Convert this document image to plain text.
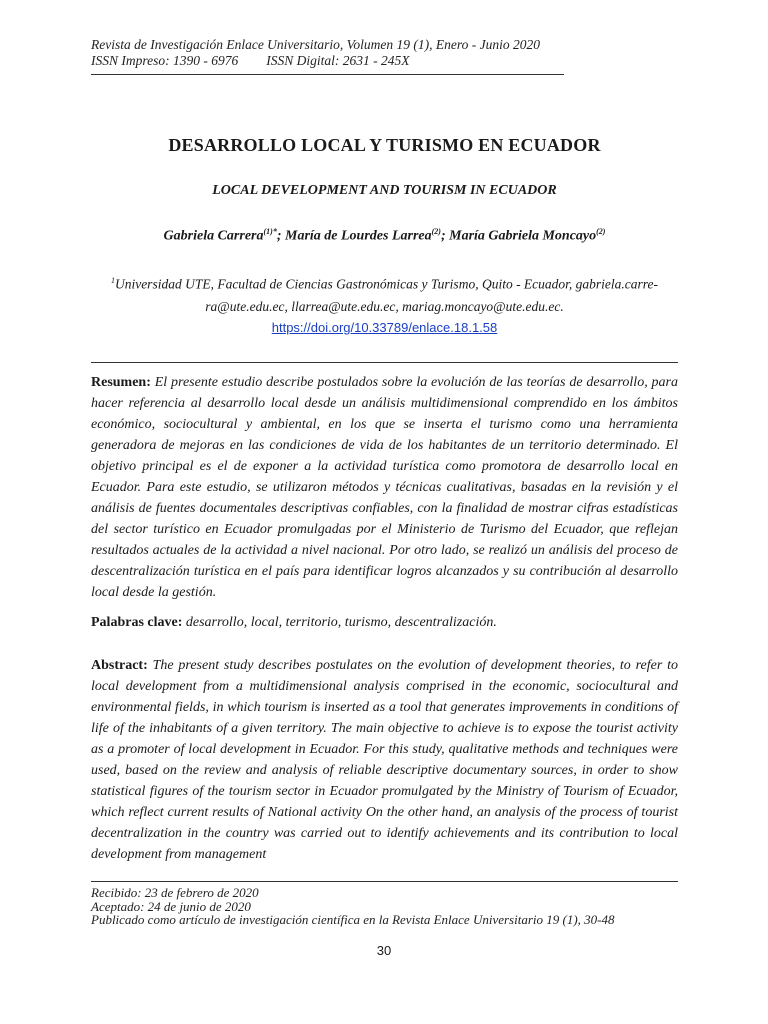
Revista de Investigación Enlace Universitario, Volumen 19 (1), Enero - Junio 2020
ISSN Impreso: 1390 - 6976 ISSN Digital: 2631 - 245X
DESARROLLO LOCAL Y TURISMO EN ECUADOR
LOCAL DEVELOPMENT AND TOURISM IN ECUADOR
Gabriela Carrera$^{(1)*}$; María de Lourdes Larrea$^{(2)}$; María Gabriela Moncayo$^{(2)}$
$^1$Universidad UTE, Facultad de Ciencias Gastronómicas y Turismo, Quito - Ecuador, gabriela.carre-ra@ute.edu.ec, llarrea@ute.edu.ec, mariag.moncayo@ute.edu.ec.
https://doi.org/10.33789/enlace.18.1.58
Resumen: El presente estudio describe postulados sobre la evolución de las teorías de desarrollo, para hacer referencia al desarrollo local desde un análisis multidimensional comprendido en los ámbitos económico, sociocultural y ambiental, en los que se inserta el turismo como una herramienta generadora de mejoras en las condiciones de vida de los habitantes de un territorio determinado. El objetivo principal es el de exponer a la actividad turística como promotora de desarrollo local en Ecuador. Para este estudio, se utilizaron métodos y técnicas cualitativas, basadas en la revisión y el análisis de fuentes documentales descriptivas confiables, con la finalidad de mostrar cifras estadísticas del sector turístico en Ecuador promulgadas por el Ministerio de Turismo del Ecuador, que reflejan resultados actuales de la actividad a nivel nacional. Por otro lado, se realizó un análisis del proceso de descentralización turística en el país para identificar logros alcanzados y su contribución al desarrollo local desde la gestión.
Palabras clave: desarrollo, local, territorio, turismo, descentralización.
Abstract: The present study describes postulates on the evolution of development theories, to refer to local development from a multidimensional analysis comprised in the economic, sociocultural and environmental fields, in which tourism is inserted as a tool that generates improvements in conditions of life of the inhabitants of a given territory. The main objective to achieve is to expose the tourist activity as a promoter of local development in Ecuador. For this study, qualitative methods and techniques were used, based on the review and analysis of reliable descriptive documentary sources, in order to show statistical figures of the tourism sector in Ecuador promulgated by the Ministry of Tourism of Ecuador, which reflect current results of National activity On the other hand, an analysis of the process of tourist decentralization in the country was carried out to identify achievements and its contribution to local development from management
Recibido: 23 de febrero de 2020
Aceptado: 24 de junio de 2020
Publicado como artículo de investigación científica en la Revista Enlace Universitario 19 (1), 30-48
30
